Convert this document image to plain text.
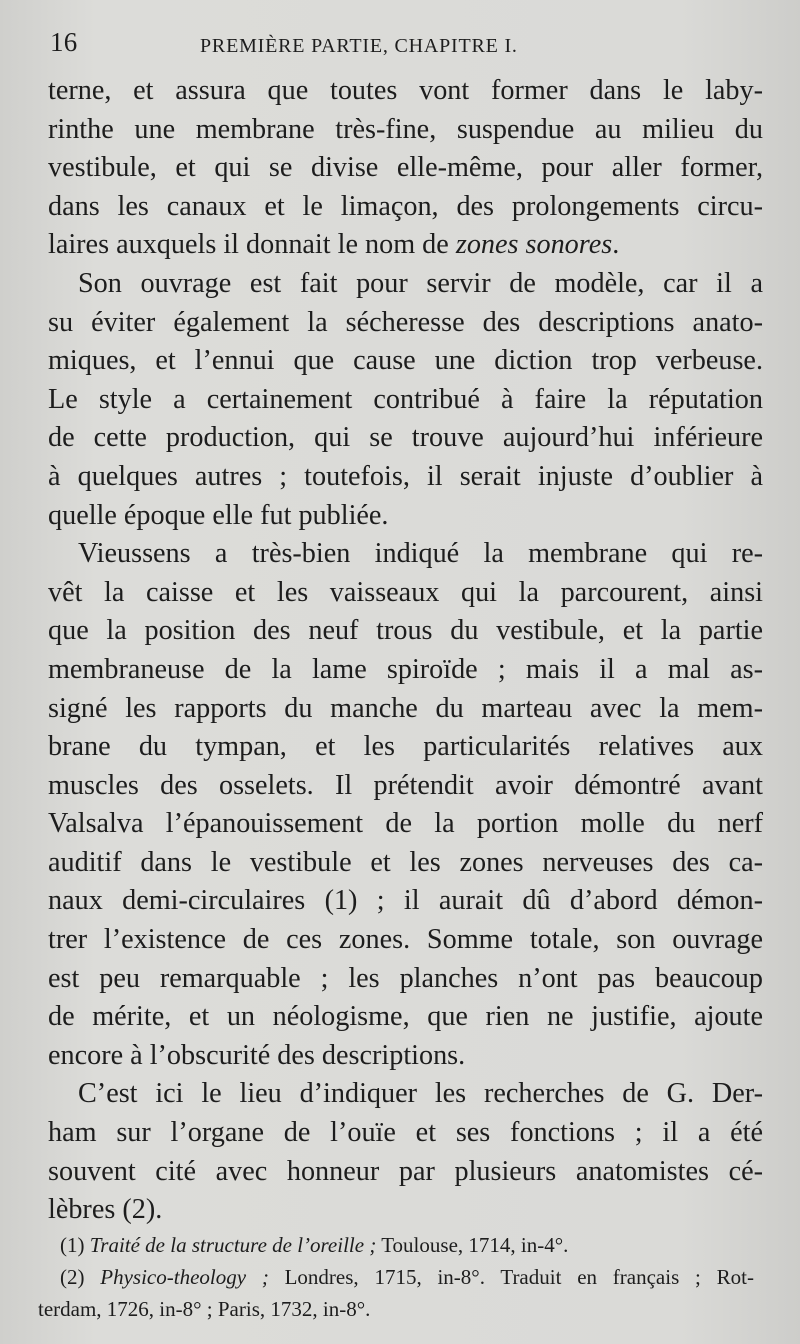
16	PREMIÈRE PARTIE, CHAPITRE I.
terne, et assura que toutes vont former dans le laby-
rinthe une membrane très-fine, suspendue au milieu du
vestibule, et qui se divise elle-même, pour aller former,
dans les canaux et le limaçon, des prolongements circu-
laires auxquels il donnait le nom de zones sonores.
Son ouvrage est fait pour servir de modèle, car il a
su éviter également la sécheresse des descriptions anato-
miques, et l’ennui que cause une diction trop verbeuse.
Le style a certainement contribué à faire la réputation
de cette production, qui se trouve aujourd’hui inférieure
à quelques autres ; toutefois, il serait injuste d’oublier à
quelle époque elle fut publiée.
Vieussens a très-bien indiqué la membrane qui re-
vêt la caisse et les vaisseaux qui la parcourent, ainsi
que la position des neuf trous du vestibule, et la partie
membraneuse de la lame spiroïde ; mais il a mal as-
signé les rapports du manche du marteau avec la mem-
brane du tympan, et les particularités relatives aux
muscles des osselets. Il prétendit avoir démontré avant
Valsalva l’épanouissement de la portion molle du nerf
auditif dans le vestibule et les zones nerveuses des ca-
naux demi-circulaires (1) ; il aurait dû d’abord démon-
trer l’existence de ces zones. Somme totale, son ouvrage
est peu remarquable ; les planches n’ont pas beaucoup
de mérite, et un néologisme, que rien ne justifie, ajoute
encore à l’obscurité des descriptions.
C’est ici le lieu d’indiquer les recherches de G. Der-
ham sur l’organe de l’ouïe et ses fonctions ; il a été
souvent cité avec honneur par plusieurs anatomistes cé-
lèbres (2).
(1) Traité de la structure de l’oreille ; Toulouse, 1714, in-4°.
(2) Physico-theology ; Londres, 1715, in-8°. Traduit en français ; Rot-
terdam, 1726, in-8° ; Paris, 1732, in-8°.
